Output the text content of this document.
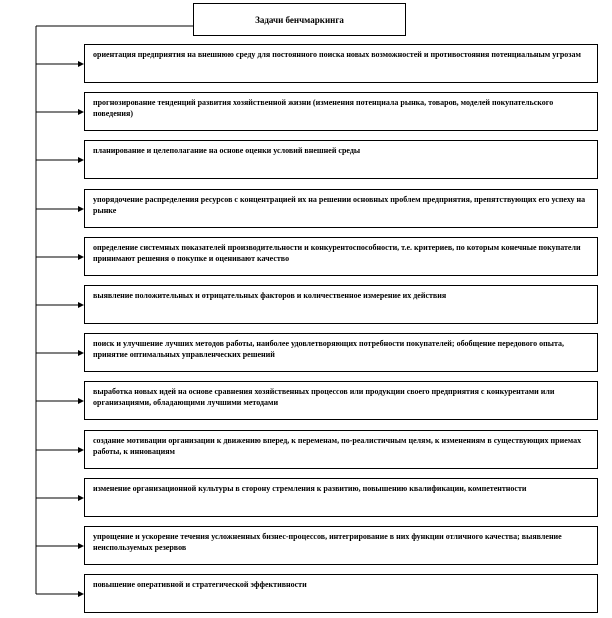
Задачи бенчмаркинга
ориентация предприятия на внешнюю среду для постоянного поиска новых возможностей и противостояния потенциальным угрозам
прогнозирование тенденций развития хозяйственной жизни (изменения потенциала рынка, товаров, моделей покупательского поведения)
планирование и целеполагание на основе оценки условий внешней среды
упорядочение распределения ресурсов с концентрацией их на решении основных проблем предприятия, препятствующих его успеху на рынке
определение системных показателей производительности и конкурентоспособности, т.е. критериев, по которым конечные покупатели принимают решения о покупке и оценивают качество
выявление положительных и отрицательных факторов и количественное измерение их действия
поиск и улучшение лучших методов работы, наиболее удовлетворяющих потребности покупателей; обобщение передового опыта, принятие оптимальных управленческих решений
выработка новых идей на основе сравнения хозяйственных процессов или продукции своего предприятия с конкурентами или организациями, обладающими лучшими методами
создание мотивации организации к движению вперед, к переменам, по-реалистичным целям, к изменениям в существующих приемах работы, к инновациям
изменение организационной культуры в сторону стремления к развитию, повышению квалификации, компетентности
упрощение и ускорение течения усложненных бизнес-процессов, интегрирование в них функции отличного качества; выявление неиспользуемых резервов
повышение оперативной и стратегической эффективности
